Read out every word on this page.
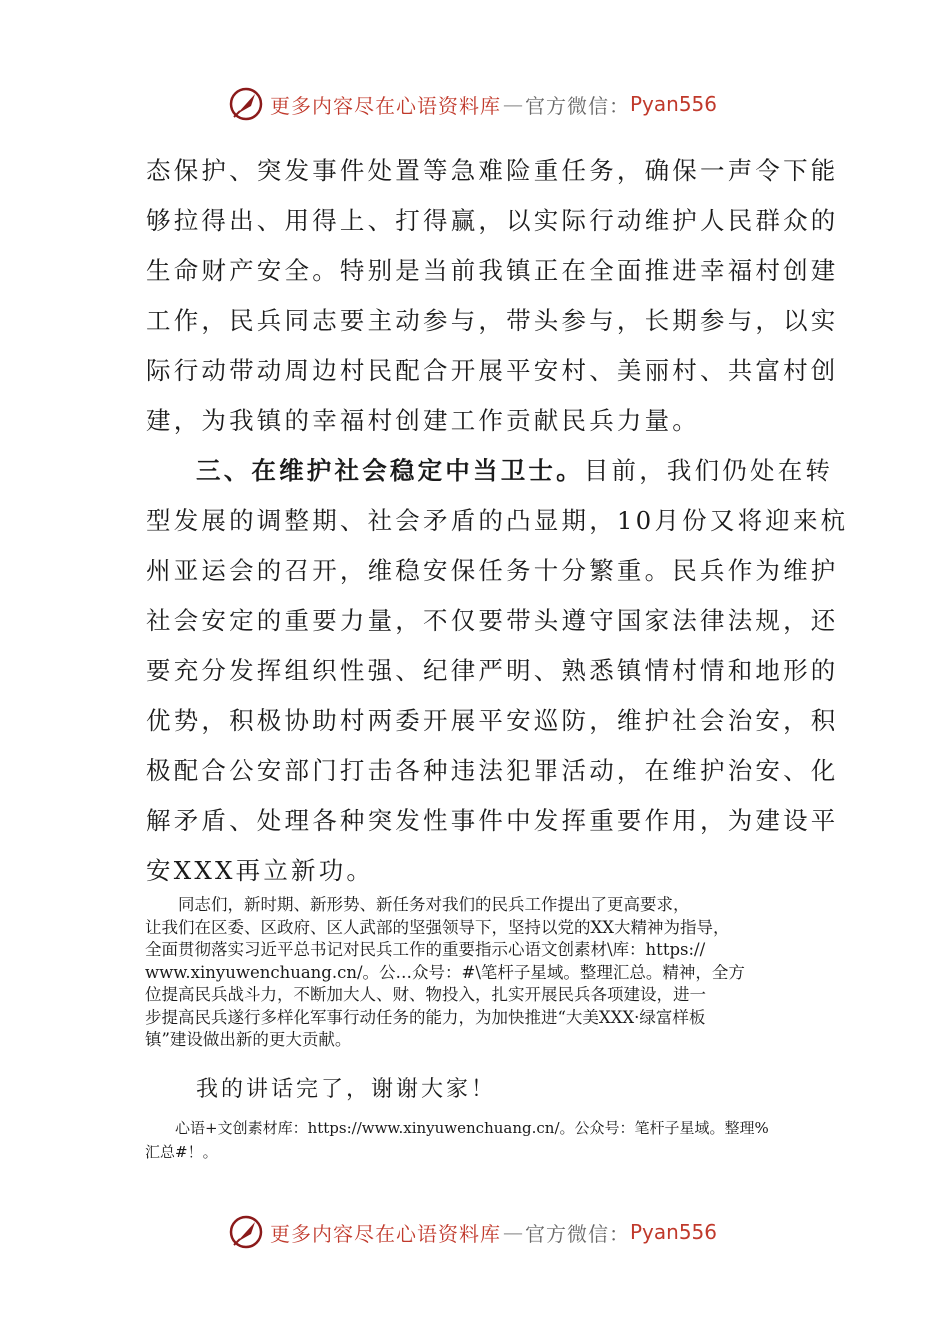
更多内容尽在心语资料库 — 官方微信： Pyan556
态保护、突发事件处置等急难险重任务，确保一声令下能
够拉得出、用得上、打得赢，以实际行动维护人民群众的
生命财产安全。特别是当前我镇正在全面推进幸福村创建
工作，民兵同志要主动参与，带头参与，长期参与，以实
际行动带动周边村民配合开展平安村、美丽村、共富村创
建，为我镇的幸福村创建工作贡献民兵力量。
三、在维护社会稳定中当卫士。目前，我们仍处在转
型发展的调整期、社会矛盾的凸显期，10月份又将迎来杭
州亚运会的召开，维稳安保任务十分繁重。民兵作为维护
社会安定的重要力量，不仅要带头遵守国家法律法规，还
要充分发挥组织性强、纪律严明、熟悉镇情村情和地形的
优势，积极协助村两委开展平安巡防，维护社会治安，积
极配合公安部门打击各种违法犯罪活动，在维护治安、化
解矛盾、处理各种突发性事件中发挥重要作用，为建设平
安XXX再立新功。
　　同志们，新时期、新形势、新任务对我们的民兵工作提出了更高要求，
让我们在区委、区政府、区人武部的坚强领导下，坚持以党的XX大精神为指导，
全面贯彻落实习近平总书记对民兵工作的重要指示心语文创素材\库：https://
www.xinyuwenchuang.cn/。公…众号：#\笔杆子星域。整理汇总。精神，全方
位提高民兵战斗力，不断加大人、财、物投入，扎实开展民兵各项建设，进一
步提高民兵遂行多样化军事行动任务的能力，为加快推进“大美XXX·绿富样板
镇”建设做出新的更大贡献。
我的讲话完了，谢谢大家！
　　心语+文创素材库：https://www.xinyuwenchuang.cn/。公众号：笔杆子星域。整理%
汇总#！。
更多内容尽在心语资料库 — 官方微信： Pyan556
